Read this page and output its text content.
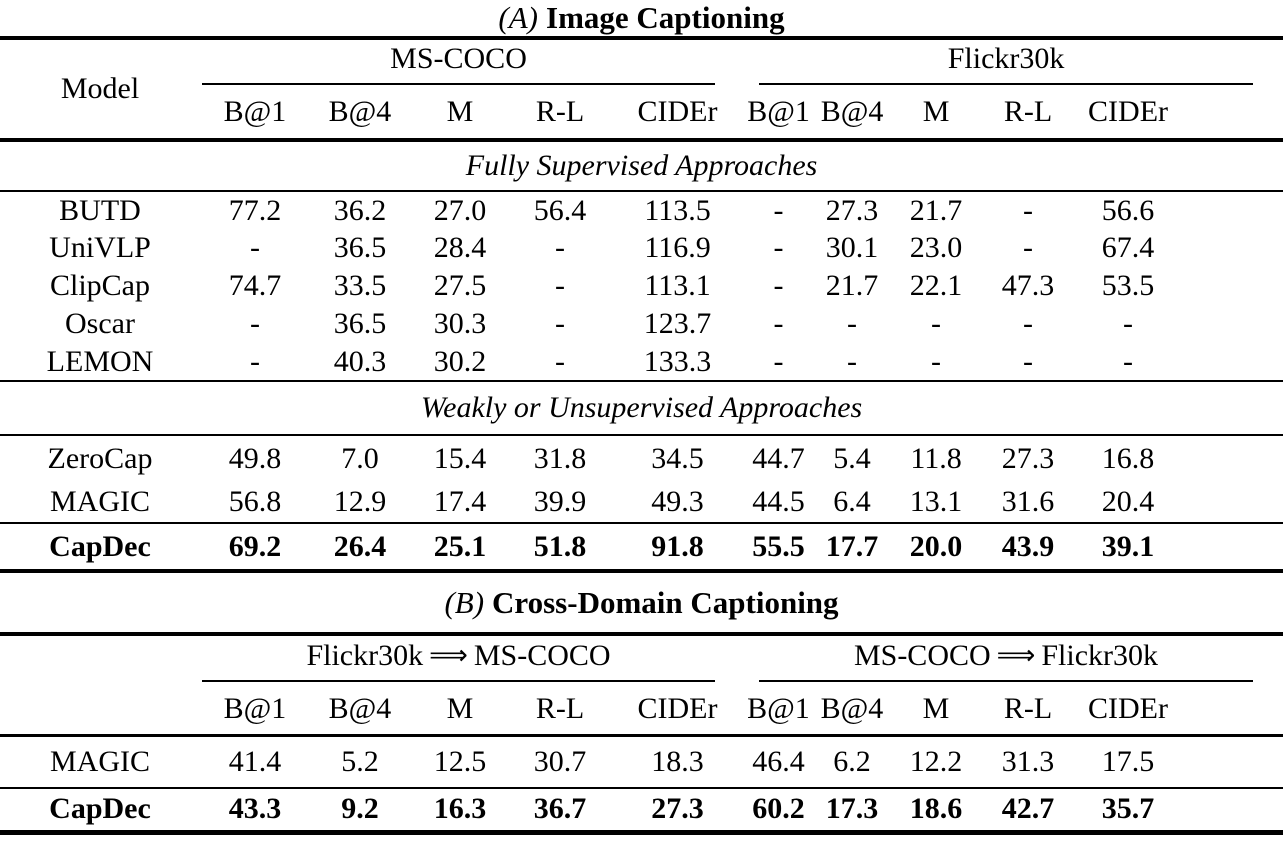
(A) Image Captioning
Model	MS-COCO					Flickr30k					

	B@1	B@4	M	R-L	CIDEr	B@1	B@4	M	R-L	CIDEr	
Fully Supervised Approaches											
BUTD	77.2	36.2	27.0	56.4	113.5	-	27.3	21.7	-	56.6	
UniVLP	-	36.5	28.4	-	116.9	-	30.1	23.0	-	67.4	
ClipCap	74.7	33.5	27.5	-	113.1	-	21.7	22.1	47.3	53.5	
Oscar	-	36.5	30.3	-	123.7	-	-	-	-	-	
LEMON	-	40.3	30.2	-	133.3	-	-	-	-	-	
Weakly or Unsupervised Approaches											
ZeroCap	49.8	7.0	15.4	31.8	34.5	44.7	5.4	11.8	27.3	16.8	
MAGIC	56.8	12.9	17.4	39.9	49.3	44.5	6.4	13.1	31.6	20.4	
CapDec	69.2	26.4	25.1	51.8	91.8	55.5	17.7	20.0	43.9	39.1	
(B) Cross-Domain Captioning

	Flickr30k ⟹ MS-COCO					MS-COCO ⟹ Flickr30k					

	B@1	B@4	M	R-L	CIDEr	B@1	B@4	M	R-L	CIDEr	
MAGIC	41.4	5.2	12.5	30.7	18.3	46.4	6.2	12.2	31.3	17.5	
CapDec	43.3	9.2	16.3	36.7	27.3	60.2	17.3	18.6	42.7	35.7	
